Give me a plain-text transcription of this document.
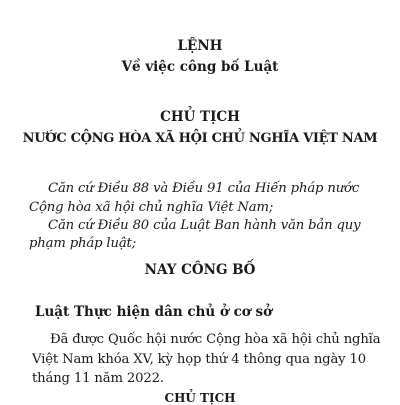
LỆNH
Về việc công bố Luật
CHỦ TỊCH
NƯỚC CỘNG HÒA XÃ HỘI CHỦ NGHĨA VIỆT NAM
Căn cứ Điều 88 và Điều 91 của Hiến pháp nước
Cộng hòa xã hội chủ nghĩa Việt Nam;
Căn cứ Điều 80 của Luật Ban hành văn bản quy
phạm pháp luật;
NAY CÔNG BỐ
Luật Thực hiện dân chủ ở cơ sở
Đã được Quốc hội nước Cộng hòa xã hội chủ nghĩa
Việt Nam khóa XV, kỳ họp thứ 4 thông qua ngày 10
tháng 11 năm 2022.
CHỦ TỊCH
